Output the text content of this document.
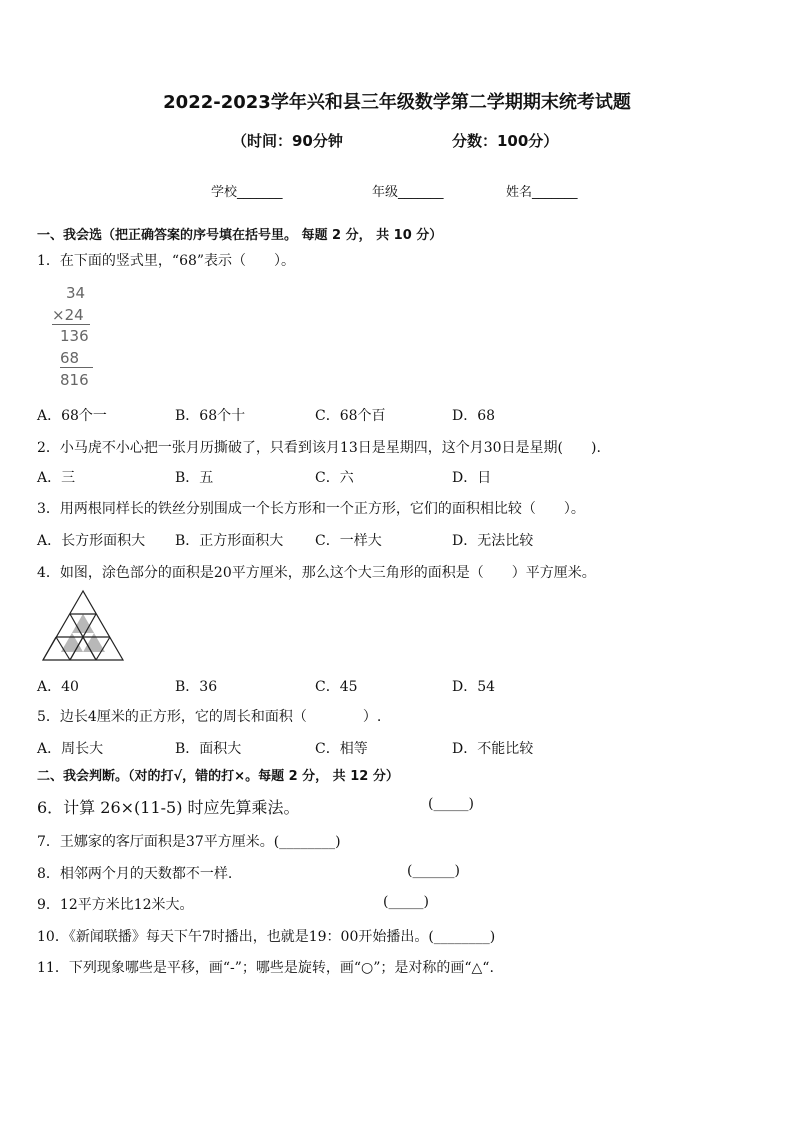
2022-2023学年兴和县三年级数学第二学期期末统考试题
（时间：90分钟	分数：100分）
学校_______	年级_______	姓名_______
一、我会选（把正确答案的序号填在括号里。 每题 2 分， 共 10 分）
1．在下面的竖式里，“68”表示（　　）。
34
×24
136
68
816
A．68个一	B．68个十	C．68个百	D．68
2．小马虎不小心把一张月历撕破了，只看到该月13日是星期四，这个月30日是星期(　　).
A．三	B．五	C．六	D．日
3．用两根同样长的铁丝分别围成一个长方形和一个正方形，它们的面积相比较（　　）。
A．长方形面积大 B．正方形面积大 C．一样大	D．无法比较
4．如图，涂色部分的面积是20平方厘米，那么这个大三角形的面积是（　　）平方厘米。
A．40	B．36	C．45	D．54
5．边长4厘米的正方形，它的周长和面积（　　　　）.
A．周长大	B．面积大	C．相等	D．不能比较
二、我会判断。（对的打√，错的打×。每题 2 分， 共 12 分）
6．计算 26×(11-5) 时应先算乘法。	(_____)
7．王娜家的客厅面积是37平方厘米。(________)
8．相邻两个月的天数都不一样.	(______)
9．12平方米比12米大。	(_____)
10．《新闻联播》每天下午7时播出，也就是19：00开始播出。(________)
11．下列现象哪些是平移，画“-”；哪些是旋转，画“○”；是对称的画“△“.
